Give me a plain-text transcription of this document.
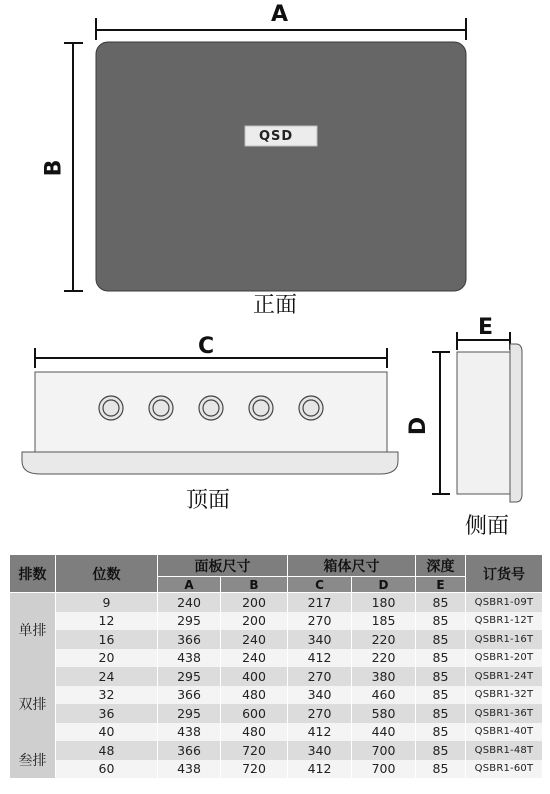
A
B
QSD
正面
C
顶面
E
D
侧面
排数	位数	面板尺寸		箱体尺寸		深度	订货号
		A	B	C	D	E	
单排	9	240	200	217	180	85	QSBR1-09T
	12	295	200	270	185	85	QSBR1-12T
	16	366	240	340	220	85	QSBR1-16T
	20	438	240	412	220	85	QSBR1-20T
双排	24	295	400	270	380	85	QSBR1-24T
	32	366	480	340	460	85	QSBR1-32T
	36	295	600	270	580	85	QSBR1-36T
	40	438	480	412	440	85	QSBR1-40T
叁排	48	366	720	340	700	85	QSBR1-48T
	60	438	720	412	700	85	QSBR1-60T
